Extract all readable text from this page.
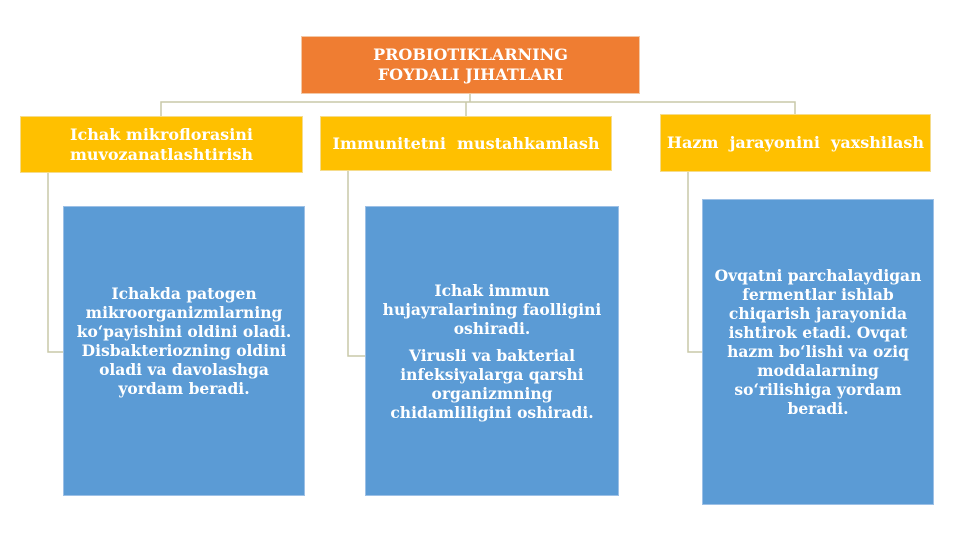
PROBIOTIKLARNING
FOYDALI JIHATLARI
Ichak mikroflorasini
muvozanatlashtirish
Immunitetni  mustahkamlash	Hazm  jarayonini  yaxshilash

Ichakda patogen mikroorganizmlarning ko‘payishini oldini oladi. Disbakteriozning oldini oladi va davolashga yordam beradi.

Ichak immun hujayralarining faolligini oshiradi.

Virusli va bakterial infeksiyalarga qarshi organizmning chidamliligini oshiradi.

Ovqatni parchalaydigan fermentlar ishlab chiqarish jarayonida ishtirok etadi. Ovqat hazm bo‘lishi va oziq moddalarning so‘rilishiga yordam beradi.
